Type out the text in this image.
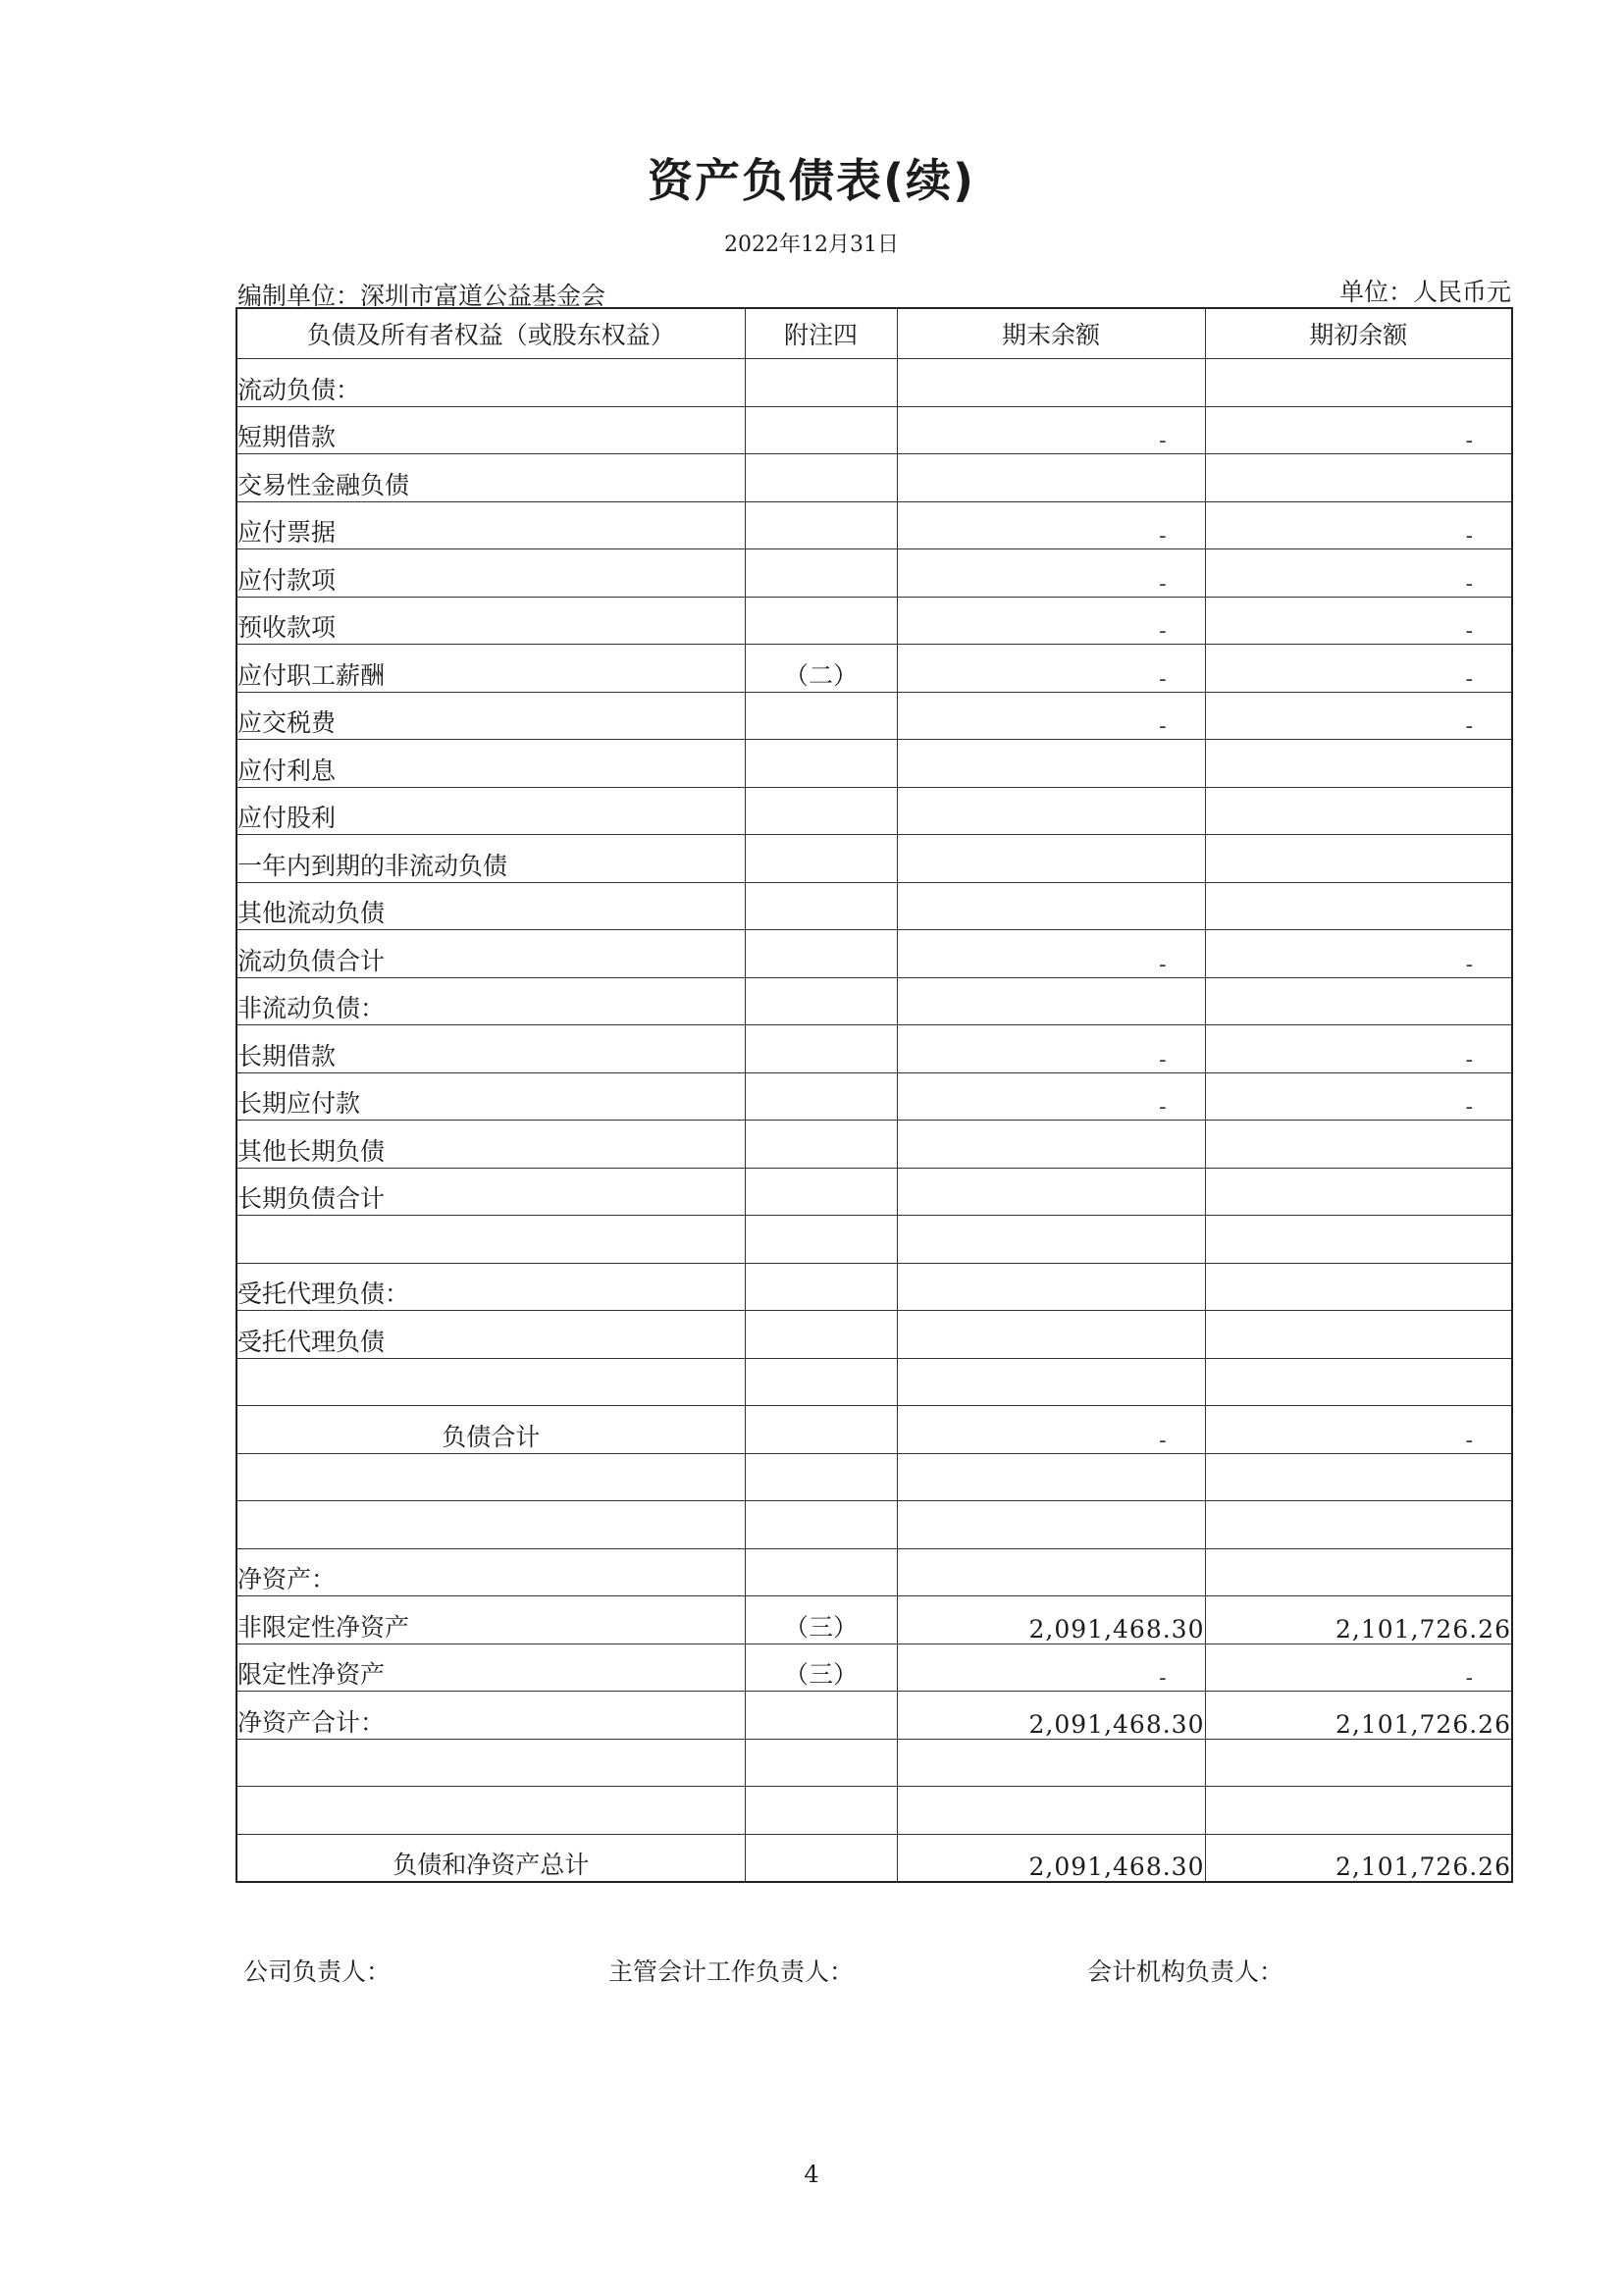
资产负债表(续)
2022年12月31日
编制单位：深圳市富道公益基金会	单位：人民币元
负债及所有者权益（或股东权益）	附注四	期末余额	期初余额
流动负债：			
短期借款		-	-
交易性金融负债			
应付票据		-	-
应付款项		-	-
预收款项		-	-
应付职工薪酬	（二）	-	-
应交税费		-	-
应付利息			
应付股利			
一年内到期的非流动负债			
其他流动负债			
流动负债合计		-	-
非流动负债：			
长期借款		-	-
长期应付款		-	-
其他长期负债			
长期负债合计			

受托代理负债：			
受托代理负债			

负债合计		-	-

净资产：			
非限定性净资产	（三）	2,091,468.30	2,101,726.26
限定性净资产	（三）	-	-
净资产合计：		2,091,468.30	2,101,726.26

负债和净资产总计		2,091,468.30	2,101,726.26
公司负责人：	主管会计工作负责人：	会计机构负责人：
4
